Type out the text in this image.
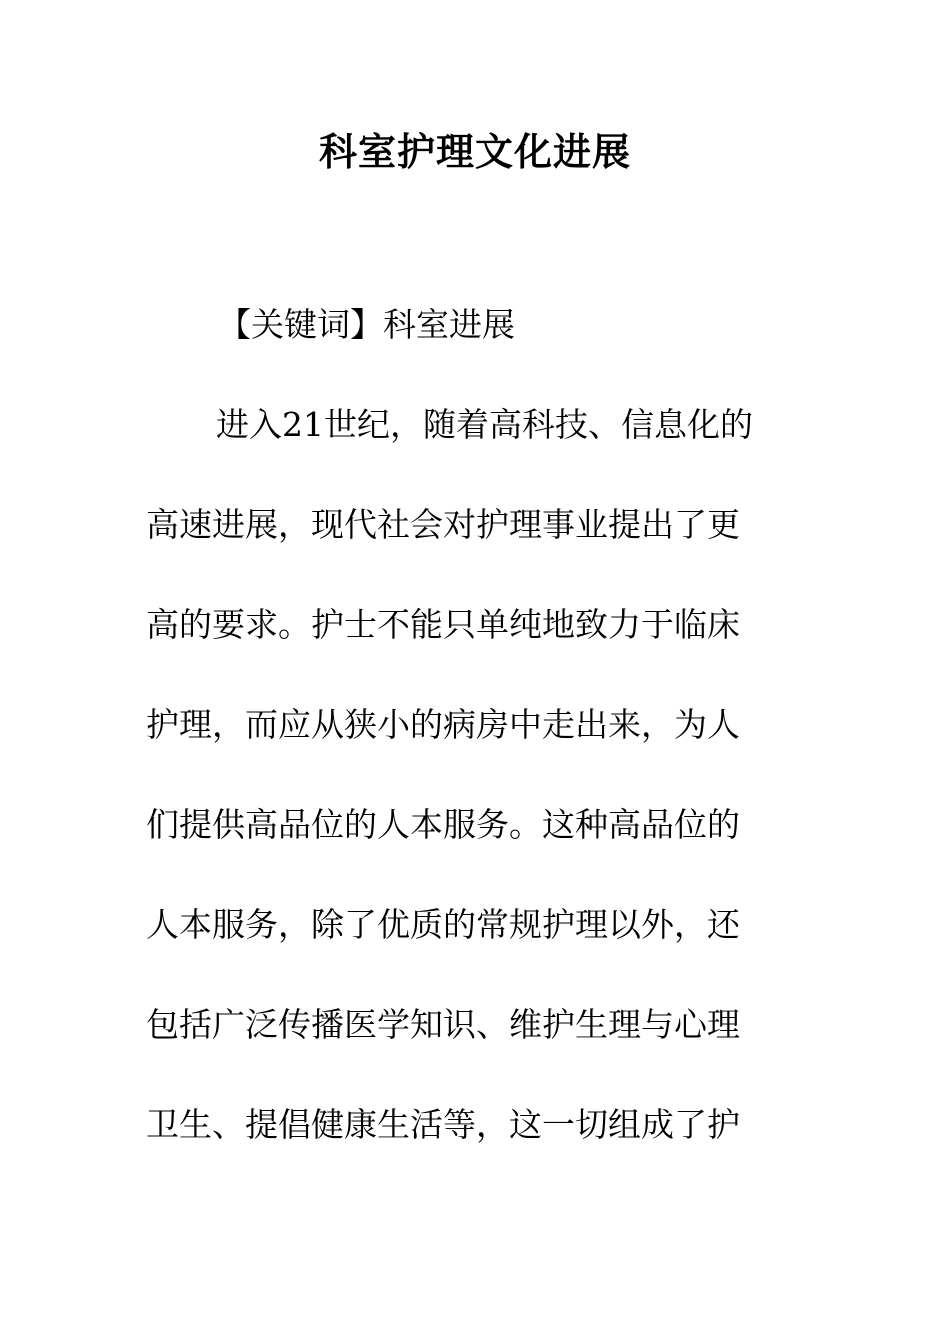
科室护理文化进展

【关键词】科室进展

进入21世纪，随着高科技、信息化的

高速进展，现代社会对护理事业提出了更

高的要求。护士不能只单纯地致力于临床

护理，而应从狭小的病房中走出来，为人

们提供高品位的人本服务。这种高品位的

人本服务，除了优质的常规护理以外，还

包括广泛传播医学知识、维护生理与心理

卫生、提倡健康生活等，这一切组成了护
